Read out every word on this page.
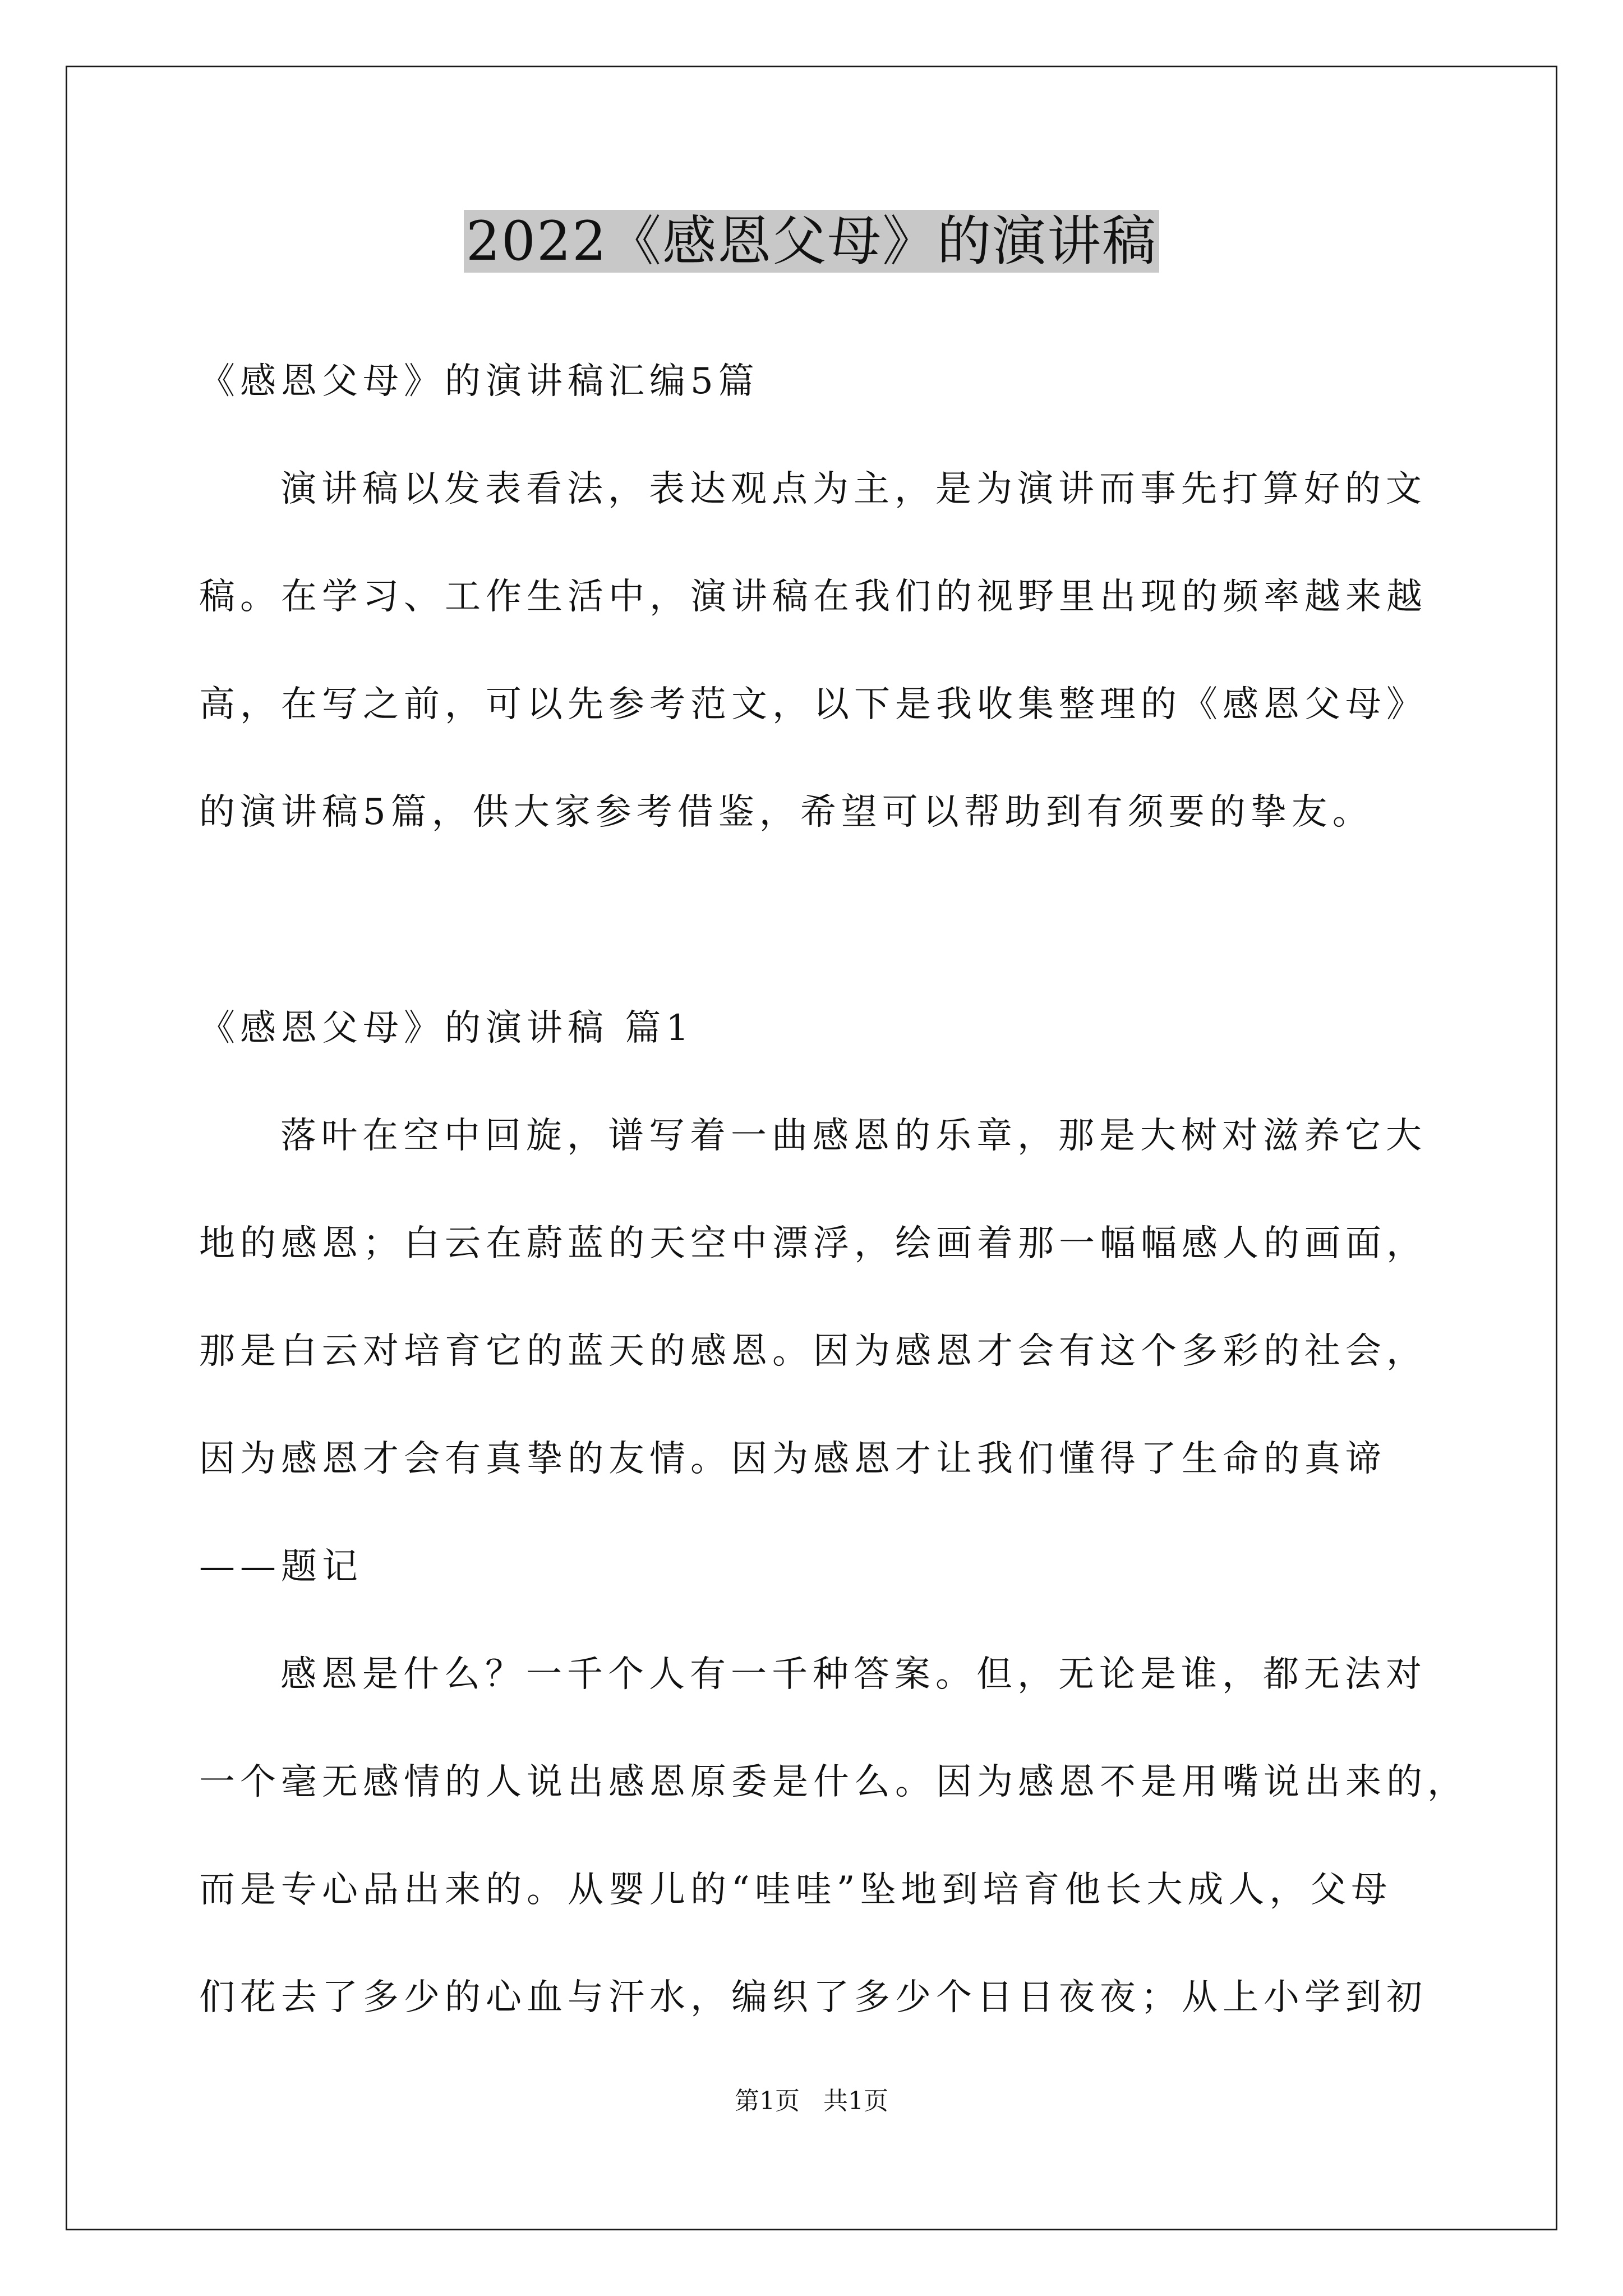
2022《感恩父母》的演讲稿
《感恩父母》的演讲稿汇编5篇
演讲稿以发表看法，表达观点为主，是为演讲而事先打算好的文
稿。在学习、工作生活中，演讲稿在我们的视野里出现的频率越来越
高，在写之前，可以先参考范文，以下是我收集整理的《感恩父母》
的演讲稿5篇，供大家参考借鉴，希望可以帮助到有须要的挚友。
《感恩父母》的演讲稿 篇1
落叶在空中回旋，谱写着一曲感恩的乐章，那是大树对滋养它大
地的感恩；白云在蔚蓝的天空中漂浮，绘画着那一幅幅感人的画面，
那是白云对培育它的蓝天的感恩。因为感恩才会有这个多彩的社会，
因为感恩才会有真挚的友情。因为感恩才让我们懂得了生命的真谛
——题记
感恩是什么？一千个人有一千种答案。但，无论是谁，都无法对
一个毫无感情的人说出感恩原委是什么。因为感恩不是用嘴说出来的，
而是专心品出来的。从婴儿的“哇哇”坠地到培育他长大成人，父母
们花去了多少的心血与汗水，编织了多少个日日夜夜；从上小学到初
第1页   共1页
